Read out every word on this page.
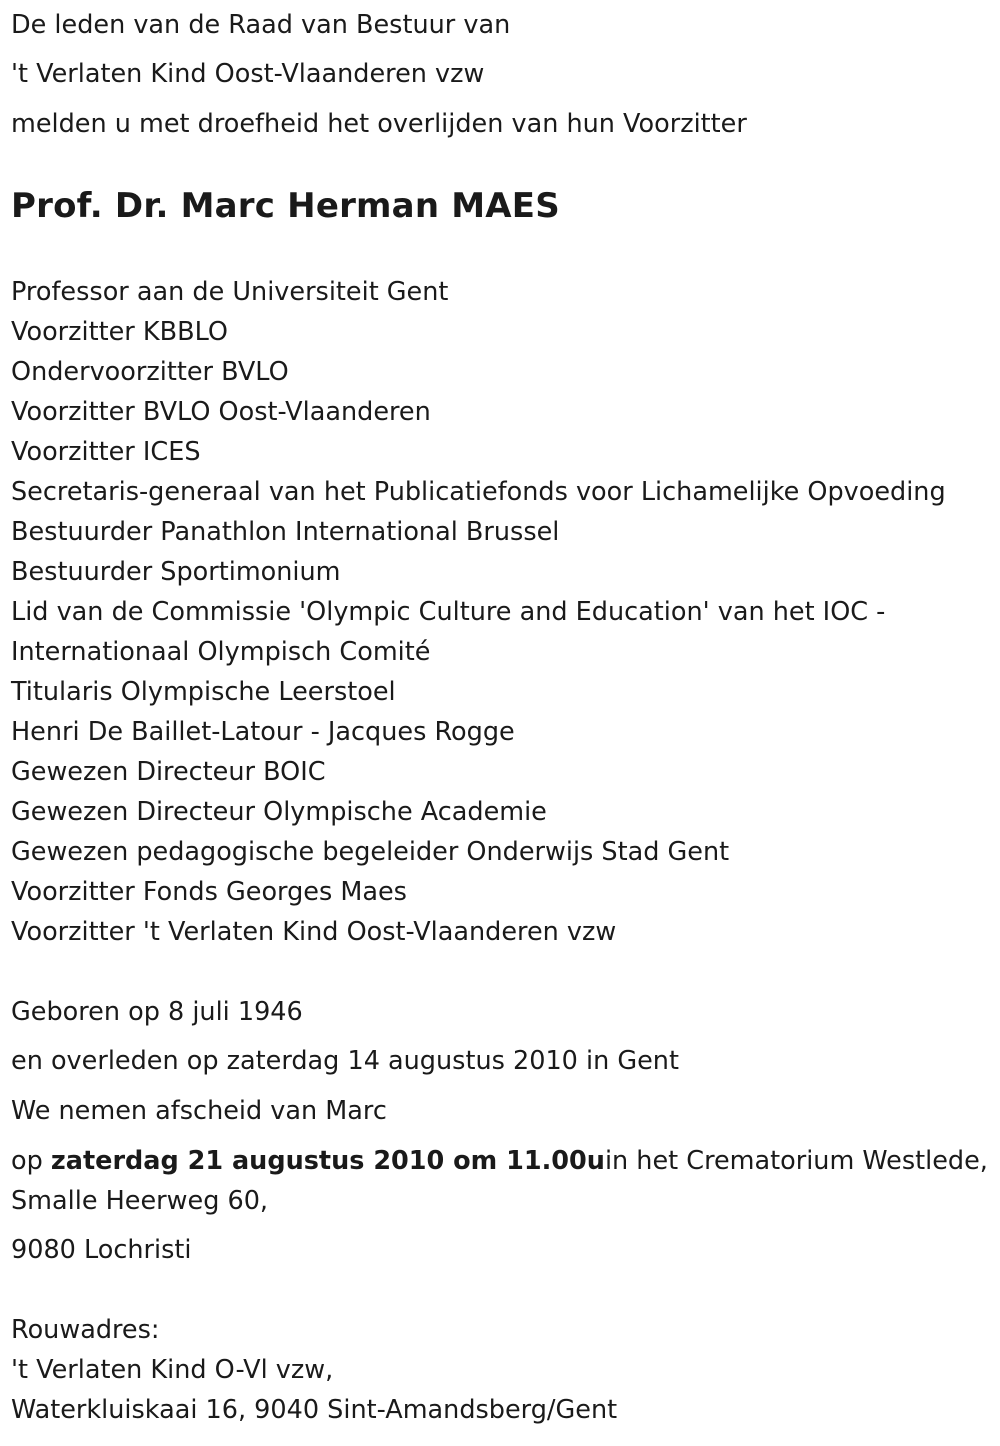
De leden van de Raad van Bestuur van
't Verlaten Kind Oost-Vlaanderen vzw
melden u met droefheid het overlijden van hun Voorzitter
Prof. Dr. Marc Herman MAES
Professor aan de Universiteit Gent
Voorzitter KBBLO
Ondervoorzitter BVLO
Voorzitter BVLO Oost-Vlaanderen
Voorzitter ICES
Secretaris-generaal van het Publicatiefonds voor Lichamelijke Opvoeding
Bestuurder Panathlon International Brussel
Bestuurder Sportimonium
Lid van de Commissie 'Olympic Culture and Education' van het IOC -
Internationaal Olympisch Comité
Titularis Olympische Leerstoel
Henri De Baillet-Latour - Jacques Rogge
Gewezen Directeur BOIC
Gewezen Directeur Olympische Academie
Gewezen pedagogische begeleider Onderwijs Stad Gent
Voorzitter Fonds Georges Maes
Voorzitter 't Verlaten Kind Oost-Vlaanderen vzw
Geboren op 8 juli 1946
en overleden op zaterdag 14 augustus 2010 in Gent
We nemen afscheid van Marc
op zaterdag 21 augustus 2010 om 11.00uin het Crematorium Westlede,
Smalle Heerweg 60,
9080 Lochristi
Rouwadres:
't Verlaten Kind O-Vl vzw,
Waterkluiskaai 16, 9040 Sint-Amandsberg/Gent
